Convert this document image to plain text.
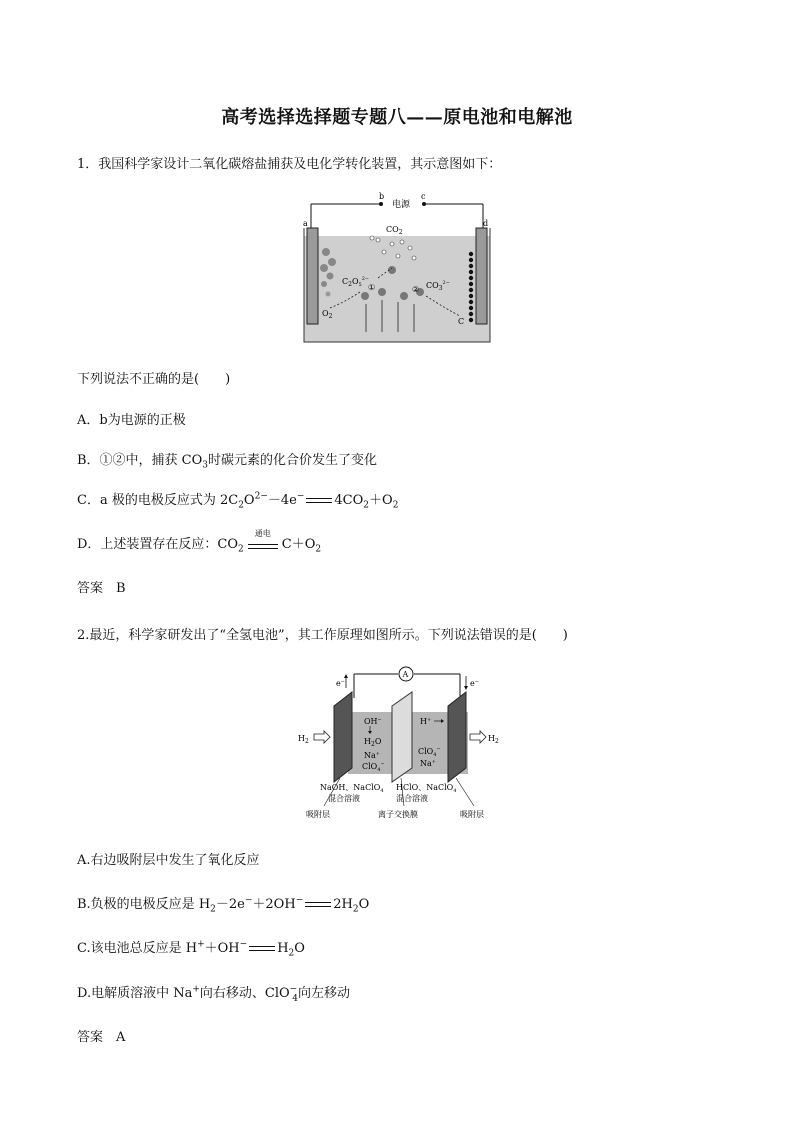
高考选择选择题专题八——原电池和电解池
1．我国科学家设计二氧化碳熔盐捕获及电化学转化装置，其示意图如下：
b	c
电源
a	d
$CO_2$
$C_2O_5^{2-}$
$CO_3^{2-}$
$O_2$
C
①	②
下列说法不正确的是(　　)
A．b为电源的正极
B．①②中，捕获 $CO_3$时碳元素的化合价发生了变化
C．a 极的电极反应式为 $2C_2O^{2-}-4e^-$ $4CO_2+O_2$
D．上述装置存在反应：$CO_2$
通电
$C+O_2$
答案　B
2.最近，科学家研发出了“全氢电池”，其工作原理如图所示。下列说法错误的是(　　)
A
e−	e−
$H_2$	$H_2$
OH−
$H_2O$
Na+
ClO$_4$−
H+
ClO$_4$−
Na+
NaOH、NaClO$_4$
混合溶液
HClO、NaClO$_4$
混合溶液
吸附层	离子交换膜	吸附层
A.右边吸附层中发生了氧化反应
B.负极的电极反应是 $H_2-2e^-+2OH^-$ $2H_2O$
C.该电池总反应是 H+＋OH− $H_2O$
D.电解质溶液中 Na+向右移动、ClO−$_4$向左移动
答案　A
